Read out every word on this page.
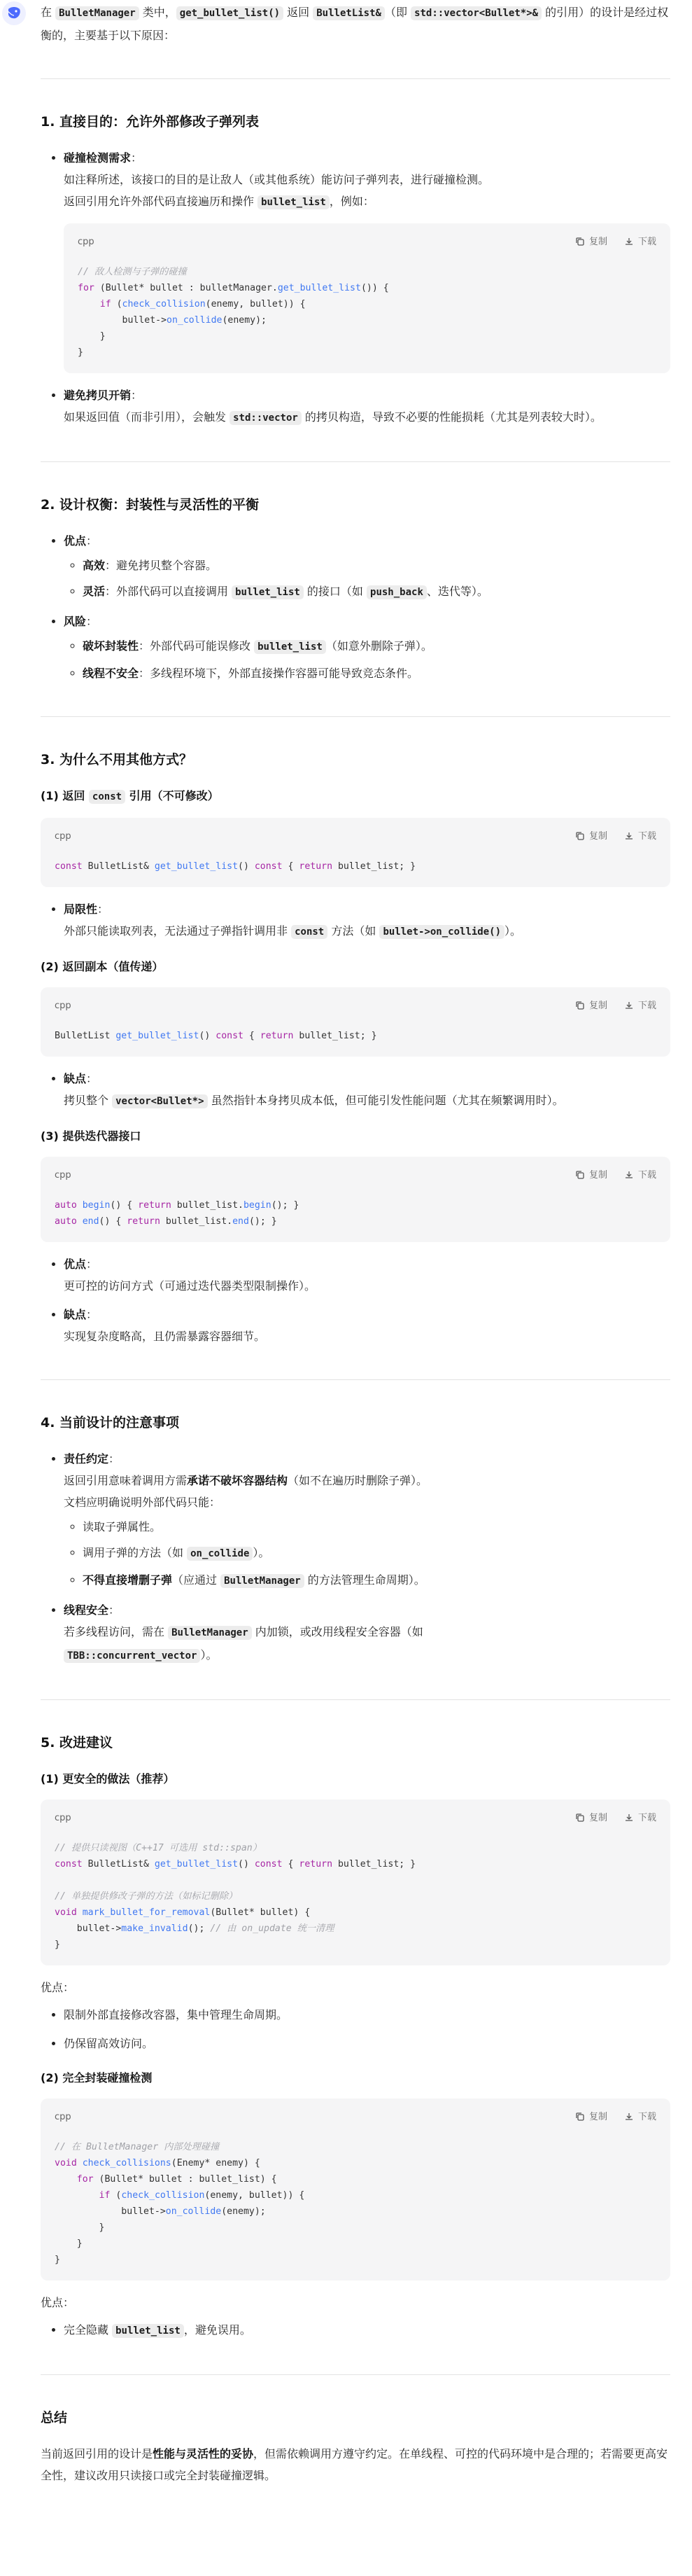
在 BulletManager 类中， get_bullet_list() 返回 BulletList& （即 std::vector<Bullet*>& 的引用）的设计是经过权衡的，主要基于以下原因：

1. 直接目的：允许外部修改子弹列表
• 碰撞检测需求：
如注释所述，该接口的目的是让敌人（或其他系统）能访问子弹列表，进行碰撞检测。
返回引用允许外部代码直接遍历和操作 bullet_list ，例如：
cpp	复制	下载
// 敌人检测与子弹的碰撞
for (Bullet* bullet : bulletManager.get_bullet_list()) {
if (check_collision(enemy, bullet)) {
bullet->on_collide(enemy);
}
}
• 避免拷贝开销：
如果返回值（而非引用），会触发 std::vector 的拷贝构造，导致不必要的性能损耗（尤其是列表较大时）。
2. 设计权衡：封装性与灵活性的平衡
• 优点：
◦ 高效：避免拷贝整个容器。
◦ 灵活：外部代码可以直接调用 bullet_list 的接口（如 push_back 、迭代等）。
• 风险：
◦ 破坏封装性：外部代码可能误修改 bullet_list （如意外删除子弹）。
◦ 线程不安全：多线程环境下，外部直接操作容器可能导致竞态条件。
3. 为什么不用其他方式？
(1) 返回 const 引用（不可修改）
cpp	复制	下载
const BulletList& get_bullet_list() const { return bullet_list; }
• 局限性：
外部只能读取列表，无法通过子弹指针调用非 const 方法（如 bullet->on_collide() ）。
(2) 返回副本（值传递）
cpp	复制	下载
BulletList get_bullet_list() const { return bullet_list; }
• 缺点：
拷贝整个 vector<Bullet*> 虽然指针本身拷贝成本低，但可能引发性能问题（尤其在频繁调用时）。
(3) 提供迭代器接口
cpp	复制	下载
auto begin() { return bullet_list.begin(); }
auto end() { return bullet_list.end(); }
• 优点：
更可控的访问方式（可通过迭代器类型限制操作）。
• 缺点：
实现复杂度略高，且仍需暴露容器细节。
4. 当前设计的注意事项
• 责任约定：
返回引用意味着调用方需承诺不破坏容器结构（如不在遍历时删除子弹）。
文档应明确说明外部代码只能：
◦ 读取子弹属性。
◦ 调用子弹的方法（如 on_collide ）。
◦ 不得直接增删子弹（应通过 BulletManager 的方法管理生命周期）。
• 线程安全：
若多线程访问，需在 BulletManager 内加锁，或改用线程安全容器（如
TBB::concurrent_vector ）。
5. 改进建议
(1) 更安全的做法（推荐）
cpp	复制	下载
// 提供只读视图（C++17 可选用 std::span）
const BulletList& get_bullet_list() const { return bullet_list; }

// 单独提供修改子弹的方法（如标记删除）
void mark_bullet_for_removal(Bullet* bullet) {
bullet->make_invalid(); // 由 on_update 统一清理
}

优点：

• 限制外部直接修改容器，集中管理生命周期。
• 仍保留高效访问。
(2) 完全封装碰撞检测
cpp	复制	下载
// 在 BulletManager 内部处理碰撞
void check_collisions(Enemy* enemy) {
for (Bullet* bullet : bullet_list) {
if (check_collision(enemy, bullet)) {
bullet->on_collide(enemy);
}
}
}

优点：

• 完全隐藏 bullet_list ，避免误用。
总结

当前返回引用的设计是性能与灵活性的妥协，但需依赖调用方遵守约定。在单线程、可控的代码环境中是合理的；若需要更高安全性，建议改用只读接口或完全封装碰撞逻辑。
